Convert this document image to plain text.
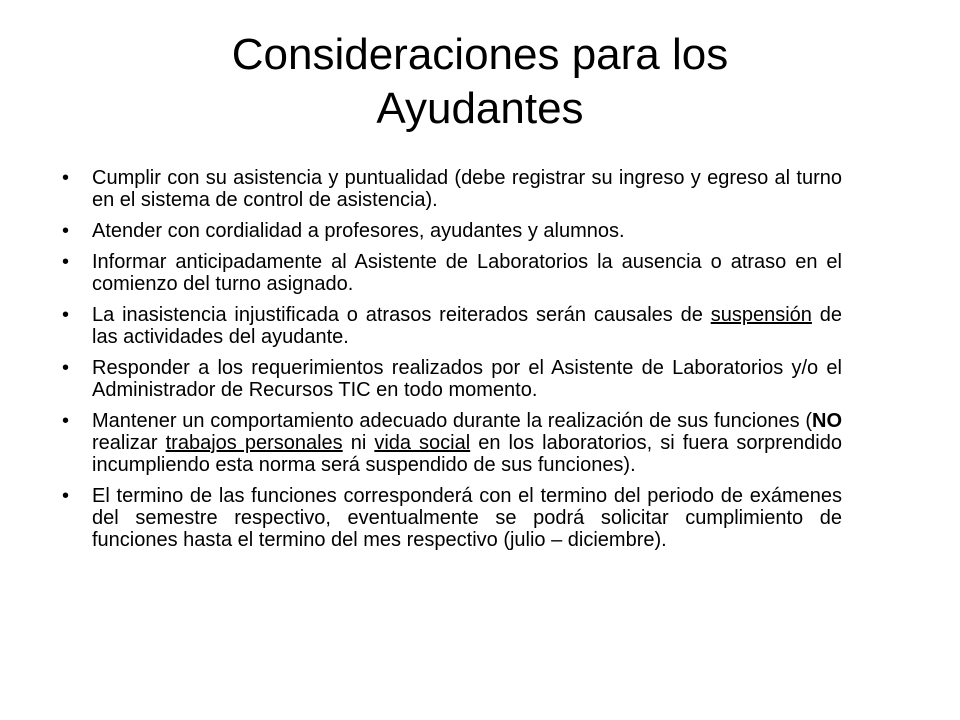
Consideraciones para los
Ayudantes
• Cumplir con su asistencia y puntualidad (debe registrar su ingreso y egreso al turno en el sistema de control de asistencia).
• Atender con cordialidad a profesores, ayudantes y alumnos.
• Informar anticipadamente al Asistente de Laboratorios la ausencia o atraso en el comienzo del turno asignado.
• La inasistencia injustificada o atrasos reiterados serán causales de suspensión de las actividades del ayudante.
• Responder a los requerimientos realizados por el Asistente de Laboratorios y/o el Administrador de Recursos TIC en todo momento.
• Mantener un comportamiento adecuado durante la realización de sus funciones (NO realizar trabajos personales ni vida social en los laboratorios, si fuera sorprendido incumpliendo esta norma será suspendido de sus funciones).
• El termino de las funciones corresponderá con el termino del periodo de exámenes del semestre respectivo, eventualmente se podrá solicitar cumplimiento de funciones hasta el termino del mes respectivo (julio – diciembre).
